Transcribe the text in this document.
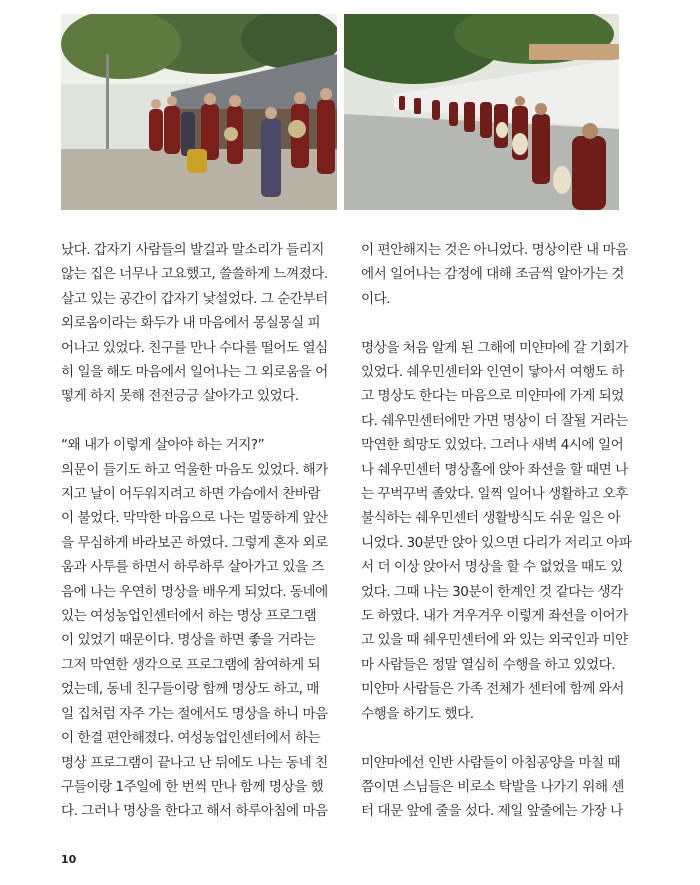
났다. 갑자기 사람들의 발길과 말소리가 들리지
않는 집은 너무나 고요했고, 쓸쓸하게 느껴졌다.
살고 있는 공간이 갑자기 낯설었다. 그 순간부터
외로움이라는 화두가 내 마음에서 몽실몽실 피
어나고 있었다. 친구를 만나 수다를 떨어도 열심
히 일을 해도 마음에서 일어나는 그 외로움을 어
떻게 하지 못해 전전긍긍 살아가고 있었다.

“왜 내가 이렇게 살아야 하는 거지?”
의문이 들기도 하고 억울한 마음도 있었다. 해가
지고 날이 어두워지려고 하면 가슴에서 찬바람
이 불었다. 막막한 마음으로 나는 멀뚱하게 앞산
을 무심하게 바라보곤 하였다. 그렇게 혼자 외로
움과 사투를 하면서 하루하루 살아가고 있을 즈
음에 나는 우연히 명상을 배우게 되었다. 동네에
있는 여성농업인센터에서 하는 명상 프로그램
이 있었기 때문이다. 명상을 하면 좋을 거라는
그저 막연한 생각으로 프로그램에 참여하게 되
었는데, 동네 친구들이랑 함께 명상도 하고, 매
일 집처럼 자주 가는 절에서도 명상을 하니 마음
이 한결 편안해졌다. 여성농업인센터에서 하는
명상 프로그램이 끝나고 난 뒤에도 나는 동네 친
구들이랑 1주일에 한 번씩 만나 함께 명상을 했
다. 그러나 명상을 한다고 해서 하루아침에 마음

이 편안해지는 것은 아니었다. 명상이란 내 마음
에서 일어나는 감정에 대해 조금씩 알아가는 것
이다.

명상을 처음 알게 된 그해에 미얀마에 갈 기회가
있었다. 쉐우민센터와 인연이 닿아서 여행도 하
고 명상도 한다는 마음으로 미얀마에 가게 되었
다. 쉐우민센터에만 가면 명상이 더 잘될 거라는
막연한 희망도 있었다. 그러나 새벽 4시에 일어
나 쉐우민센터 명상홀에 앉아 좌선을 할 때면 나
는 꾸벅꾸벅 졸았다. 일찍 일어나 생활하고 오후
불식하는 쉐우민센터 생활방식도 쉬운 일은 아
니었다. 30분만 앉아 있으면 다리가 저리고 아파
서 더 이상 앉아서 명상을 할 수 없었을 때도 있
었다. 그때 나는 30분이 한계인 것 같다는 생각
도 하였다. 내가 겨우겨우 이렇게 좌선을 이어가
고 있을 때 쉐우민센터에 와 있는 외국인과 미얀
마 사람들은 정말 열심히 수행을 하고 있었다.
미얀마 사람들은 가족 전체가 센터에 함께 와서
수행을 하기도 했다.

미얀마에선 인반 사람들이 아침공양을 마칠 때
쯤이면 스님들은 비로소 탁발을 나가기 위해 센
터 대문 앞에 줄을 섰다. 제일 앞줄에는 가장 나

10
